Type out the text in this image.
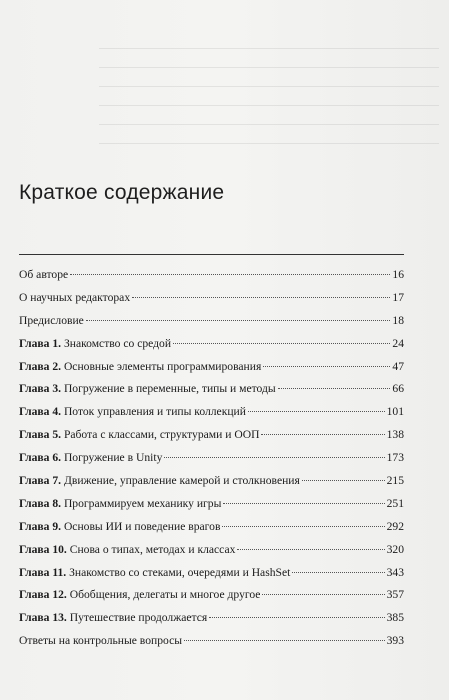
Краткое содержание
Об авторе	16
О научных редакторах	17
Предисловие	18
Глава 1. Знакомство со средой	24
Глава 2. Основные элементы программирования	47
Глава 3. Погружение в переменные, типы и методы	66
Глава 4. Поток управления и типы коллекций	101
Глава 5. Работа с классами, структурами и ООП	138
Глава 6. Погружение в Unity	173
Глава 7. Движение, управление камерой и столкновения	215
Глава 8. Программируем механику игры	251
Глава 9. Основы ИИ и поведение врагов	292
Глава 10. Снова о типах, методах и классах	320
Глава 11. Знакомство со стеками, очередями и HashSet	343
Глава 12. Обобщения, делегаты и многое другое	357
Глава 13. Путешествие продолжается	385
Ответы на контрольные вопросы	393
